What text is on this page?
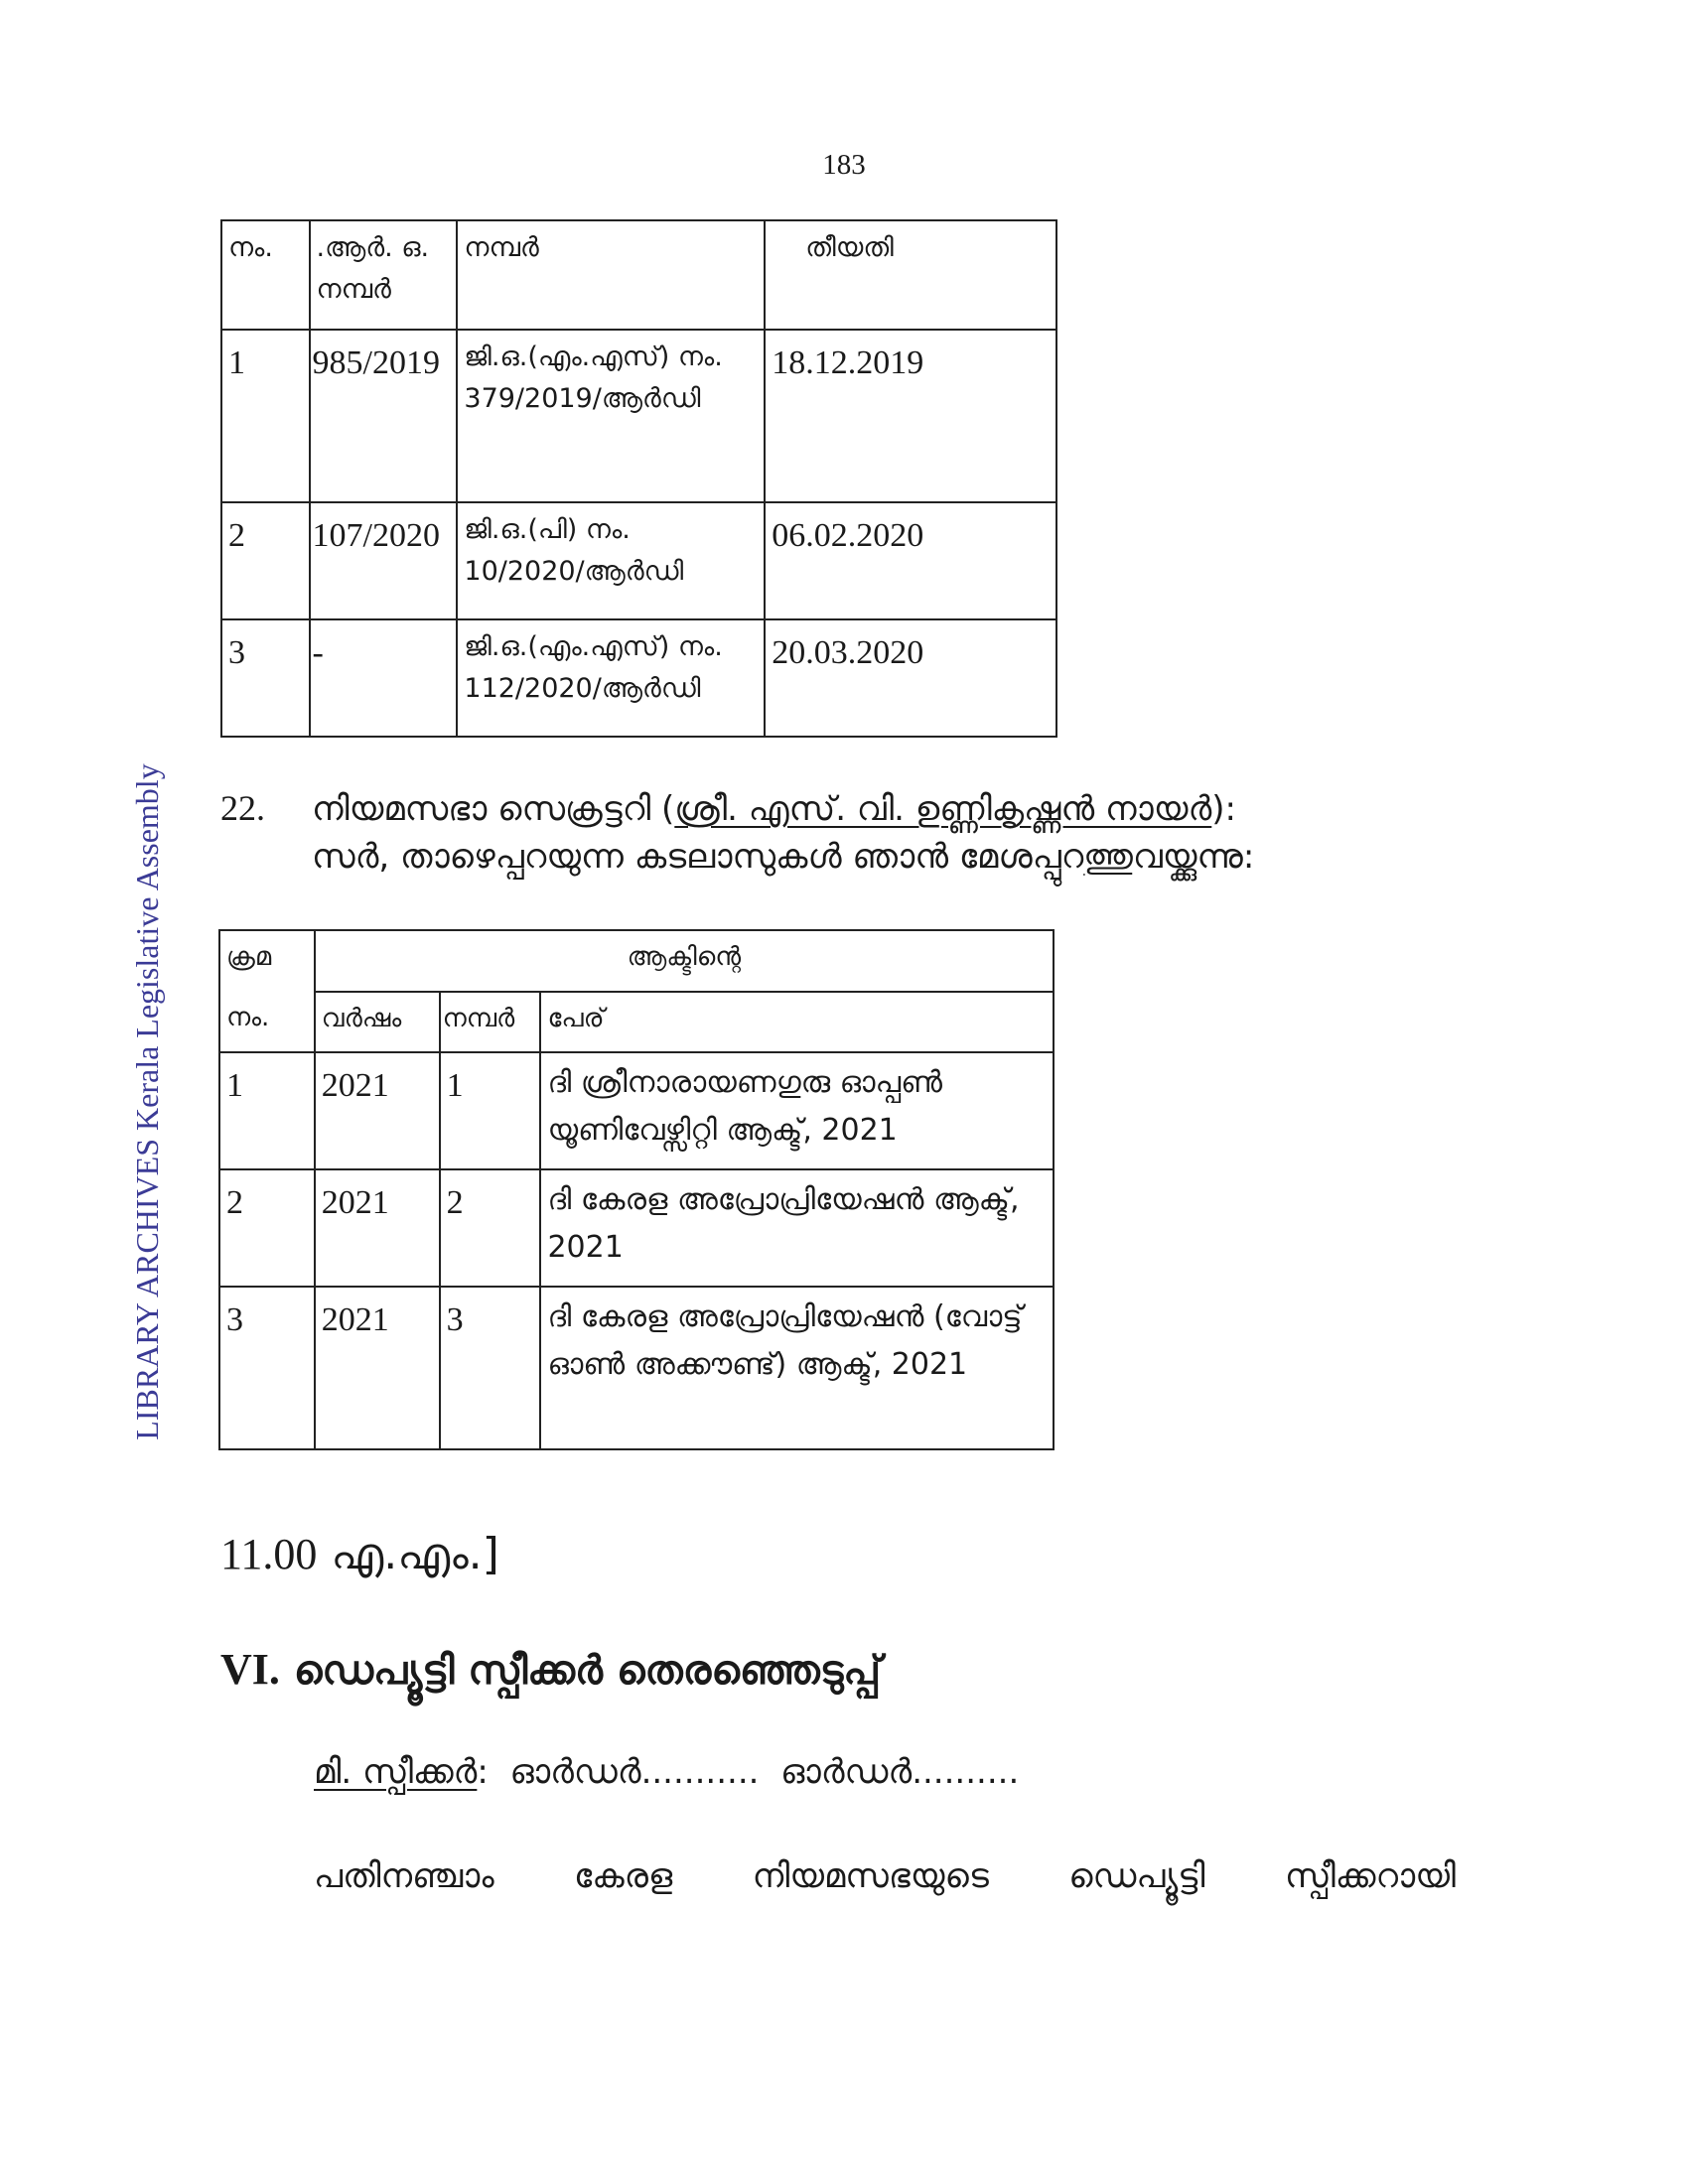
183
LIBRARY ARCHIVES Kerala Legislative Assembly
നം.	.ആർ. ഒ. നമ്പർ	നമ്പർ	തീയതി
1	985/2019	ജി.ഒ.(എം.എസ്) നം. 379/2019/ആർഡി	18.12.2019
2	107/2020	ജി.ഒ.(പി) നം. 10/2020/ആർഡി	06.02.2020
3	-	ജി.ഒ.(എം.എസ്) നം. 112/2020/ആർഡി	20.03.2020
22. നിയമസഭാ സെക്രട്ടറി (ശ്രീ. എസ്. വി. ഉണ്ണികൃഷ്ണൻ നായർ):
സർ, താഴെപ്പറയുന്ന കടലാസുകൾ ഞാൻ മേശപ്പുറത്തുവയ്ക്കുന്നു:
ക്രമ	ആക്ടിന്റെ		
നം.	വർഷം	നമ്പർ	പേര്
1	2021	1	ദി ശ്രീനാരായണഗുരു ഓപ്പൺ യൂണിവേഴ്സിറ്റി ആക്ട്, 2021
2	2021	2	ദി കേരള അപ്രോപ്രിയേഷൻ ആക്ട്, 2021
3	2021	3	ദി കേരള അപ്രോപ്രിയേഷൻ (വോട്ട് ഓൺ അക്കൗണ്ട്) ആക്ട്, 2021
11.00 എ.എം.]
VI. ഡെപ്യൂട്ടി സ്പീക്കർ തെരഞ്ഞെടുപ്പ്
മി. സ്പീക്കർ:  ഓർഡർ...........  ഓർഡർ..........
പതിനഞ്ചാം കേരള നിയമസഭയുടെ ഡെപ്യൂട്ടി സ്പീക്കറായി
